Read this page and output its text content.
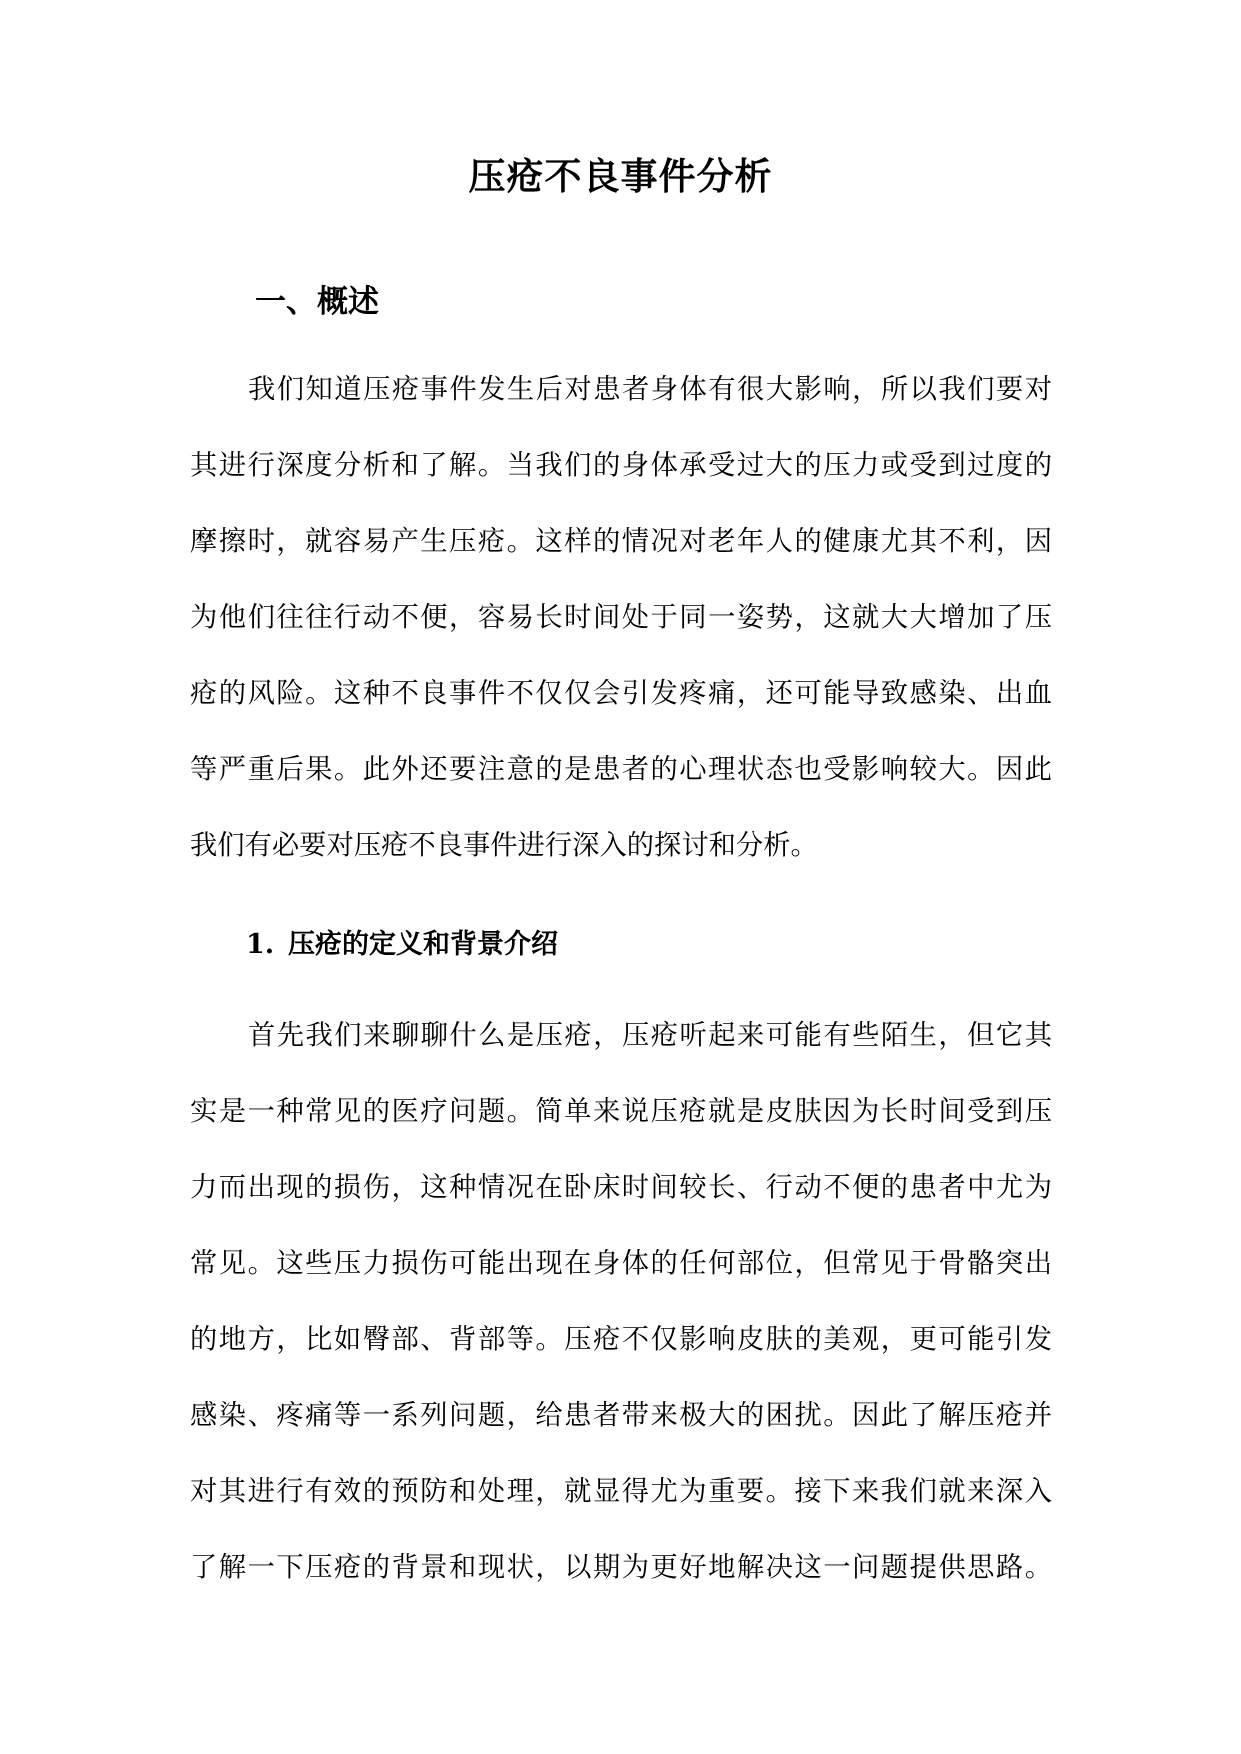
压疮不良事件分析
一、概述
我们知道压疮事件发生后对患者身体有很大影响，所以我们要对
其进行深度分析和了解。当我们的身体承受过大的压力或受到过度的
摩擦时，就容易产生压疮。这样的情况对老年人的健康尤其不利，因
为他们往往行动不便，容易长时间处于同一姿势，这就大大增加了压
疮的风险。这种不良事件不仅仅会引发疼痛，还可能导致感染、出血
等严重后果。此外还要注意的是患者的心理状态也受影响较大。因此
我们有必要对压疮不良事件进行深入的探讨和分析。
1. 压疮的定义和背景介绍
首先我们来聊聊什么是压疮，压疮听起来可能有些陌生，但它其
实是一种常见的医疗问题。简单来说压疮就是皮肤因为长时间受到压
力而出现的损伤，这种情况在卧床时间较长、行动不便的患者中尤为
常见。这些压力损伤可能出现在身体的任何部位，但常见于骨骼突出
的地方，比如臀部、背部等。压疮不仅影响皮肤的美观，更可能引发
感染、疼痛等一系列问题，给患者带来极大的困扰。因此了解压疮并
对其进行有效的预防和处理，就显得尤为重要。接下来我们就来深入
了解一下压疮的背景和现状，以期为更好地解决这一问题提供思路。
